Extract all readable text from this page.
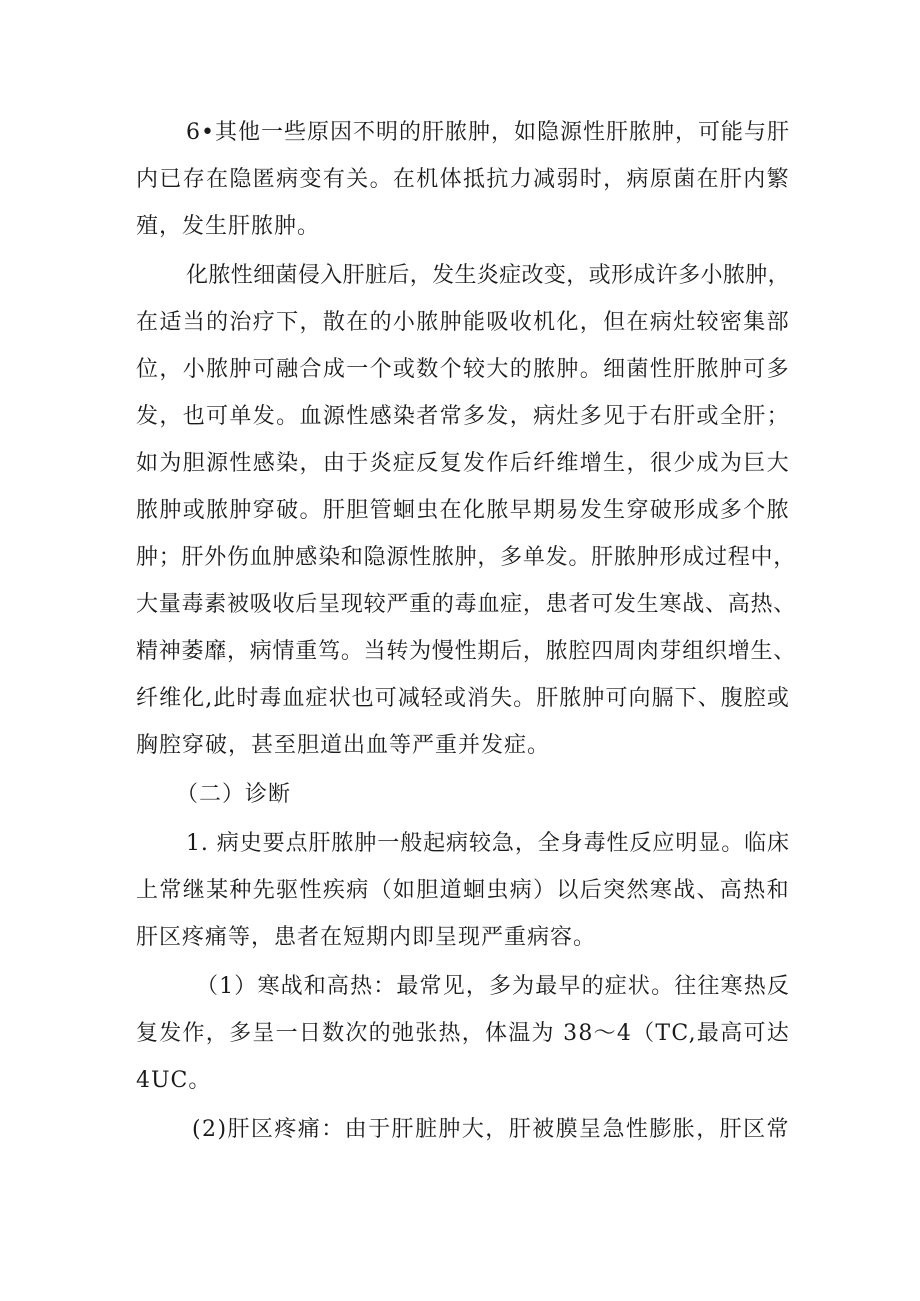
6•其他一些原因不明的肝脓肿，如隐源性肝脓肿，可能与肝
内已存在隐匿病变有关。在机体抵抗力减弱时，病原菌在肝内繁
殖，发生肝脓肿。
化脓性细菌侵入肝脏后，发生炎症改变，或形成许多小脓肿，
在适当的治疗下，散在的小脓肿能吸收机化，但在病灶较密集部
位，小脓肿可融合成一个或数个较大的脓肿。细菌性肝脓肿可多
发，也可单发。血源性感染者常多发，病灶多见于右肝或全肝；
如为胆源性感染，由于炎症反复发作后纤维增生，很少成为巨大
脓肿或脓肿穿破。肝胆管蛔虫在化脓早期易发生穿破形成多个脓
肿；肝外伤血肿感染和隐源性脓肿，多单发。肝脓肿形成过程中，
大量毒素被吸收后呈现较严重的毒血症，患者可发生寒战、高热、
精神萎靡，病情重笃。当转为慢性期后，脓腔四周肉芽组织增生、
纤维化,此时毒血症状也可减轻或消失。肝脓肿可向膈下、腹腔或
胸腔穿破，甚至胆道出血等严重并发症。
（二）诊断
1. 病史要点肝脓肿一般起病较急，全身毒性反应明显。临床
上常继某种先驱性疾病（如胆道蛔虫病）以后突然寒战、高热和
肝区疼痛等，患者在短期内即呈现严重病容。
（1）寒战和高热：最常见，多为最早的症状。往往寒热反
复发作，多呈一日数次的弛张热，体温为 38～4（TC,最高可达
4UC。
(2)肝区疼痛：由于肝脏肿大，肝被膜呈急性膨胀，肝区常
